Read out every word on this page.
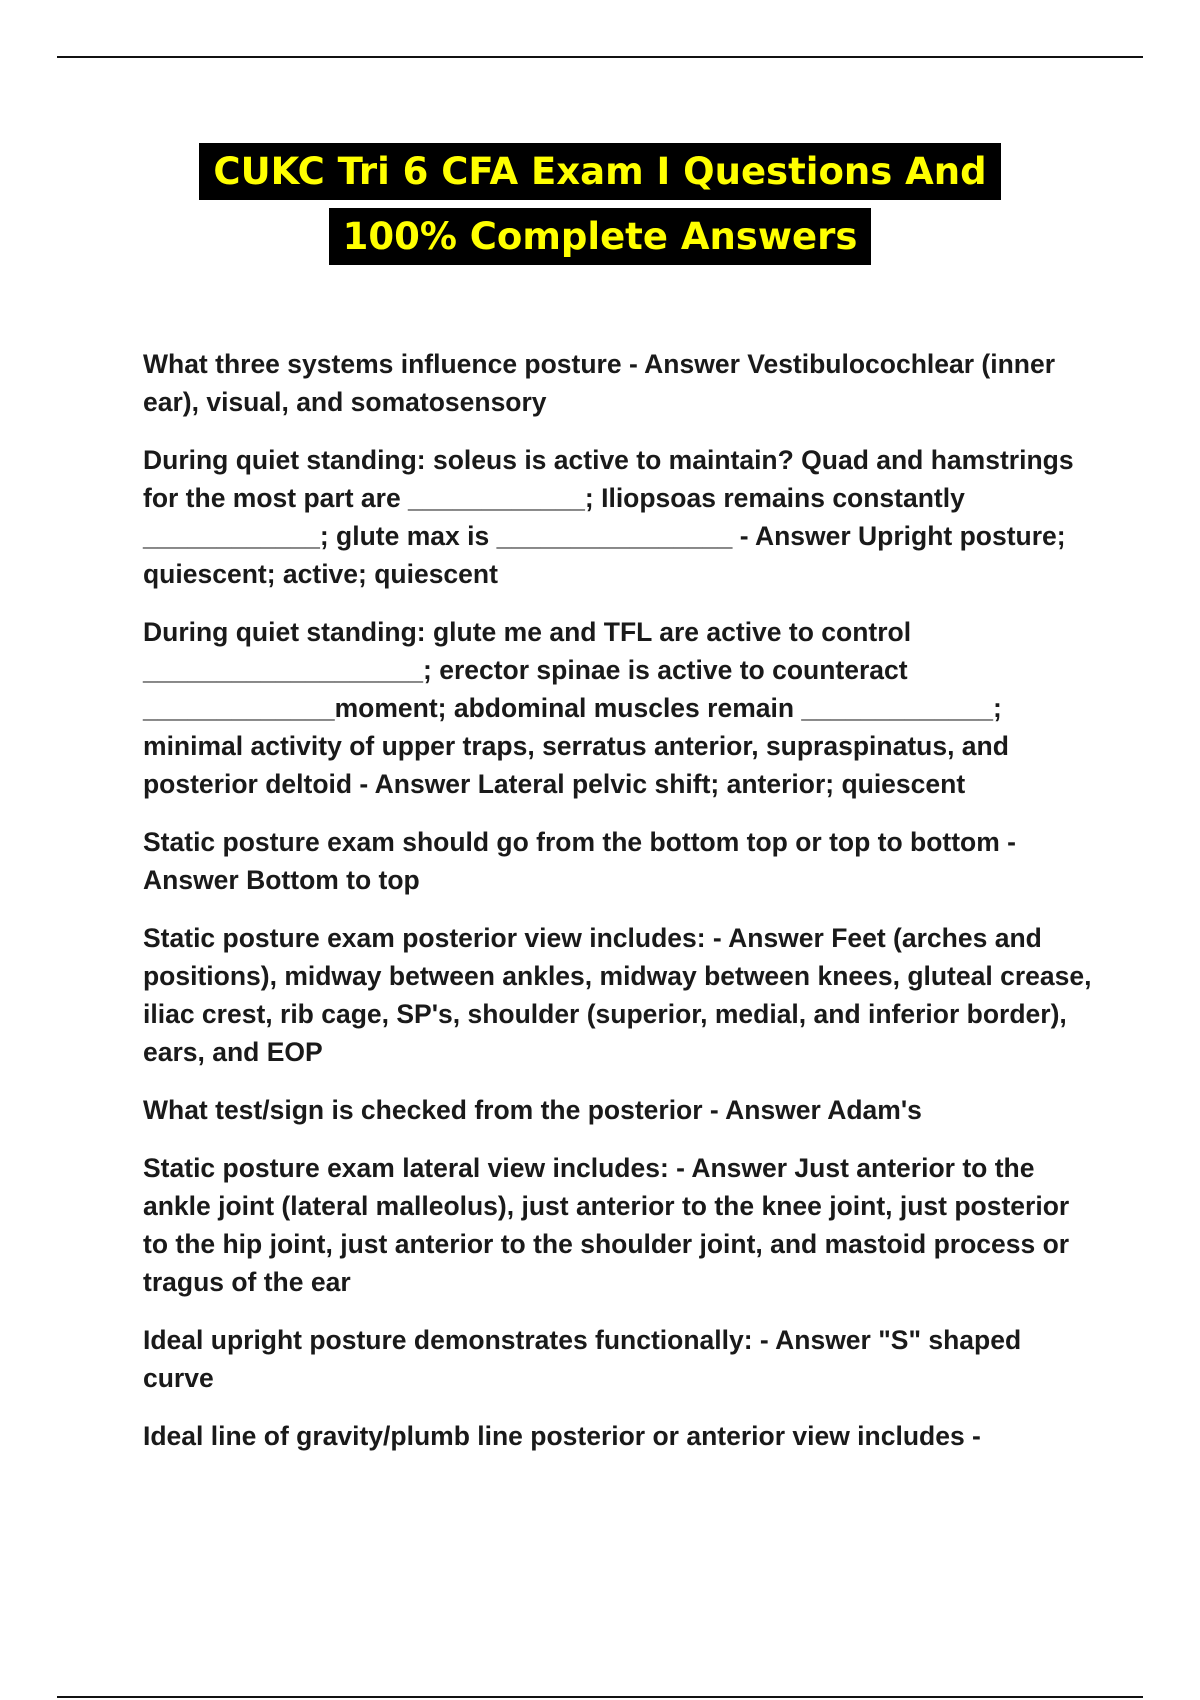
CUKC Tri 6 CFA Exam I Questions And
100% Complete Answers

What three systems influence posture - Answer Vestibulocochlear (inner ear), visual, and somatosensory

During quiet standing: soleus is active to maintain? Quad and hamstrings for the most part are ____________; Iliopsoas remains constantly ____________; glute max is ________________ - Answer Upright posture; quiescent; active; quiescent

During quiet standing: glute me and TFL are active to control ___________________; erector spinae is active to counteract _____________moment; abdominal muscles remain _____________; minimal activity of upper traps, serratus anterior, supraspinatus, and posterior deltoid - Answer Lateral pelvic shift; anterior; quiescent

Static posture exam should go from the bottom top or top to bottom - Answer Bottom to top

Static posture exam posterior view includes: - Answer Feet (arches and positions), midway between ankles, midway between knees, gluteal crease, iliac crest, rib cage, SP's, shoulder (superior, medial, and inferior border), ears, and EOP

What test/sign is checked from the posterior - Answer Adam's

Static posture exam lateral view includes: - Answer Just anterior to the ankle joint (lateral malleolus), just anterior to the knee joint, just posterior to the hip joint, just anterior to the shoulder joint, and mastoid process or tragus of the ear

Ideal upright posture demonstrates functionally: - Answer "S" shaped curve

Ideal line of gravity/plumb line posterior or anterior view includes -
